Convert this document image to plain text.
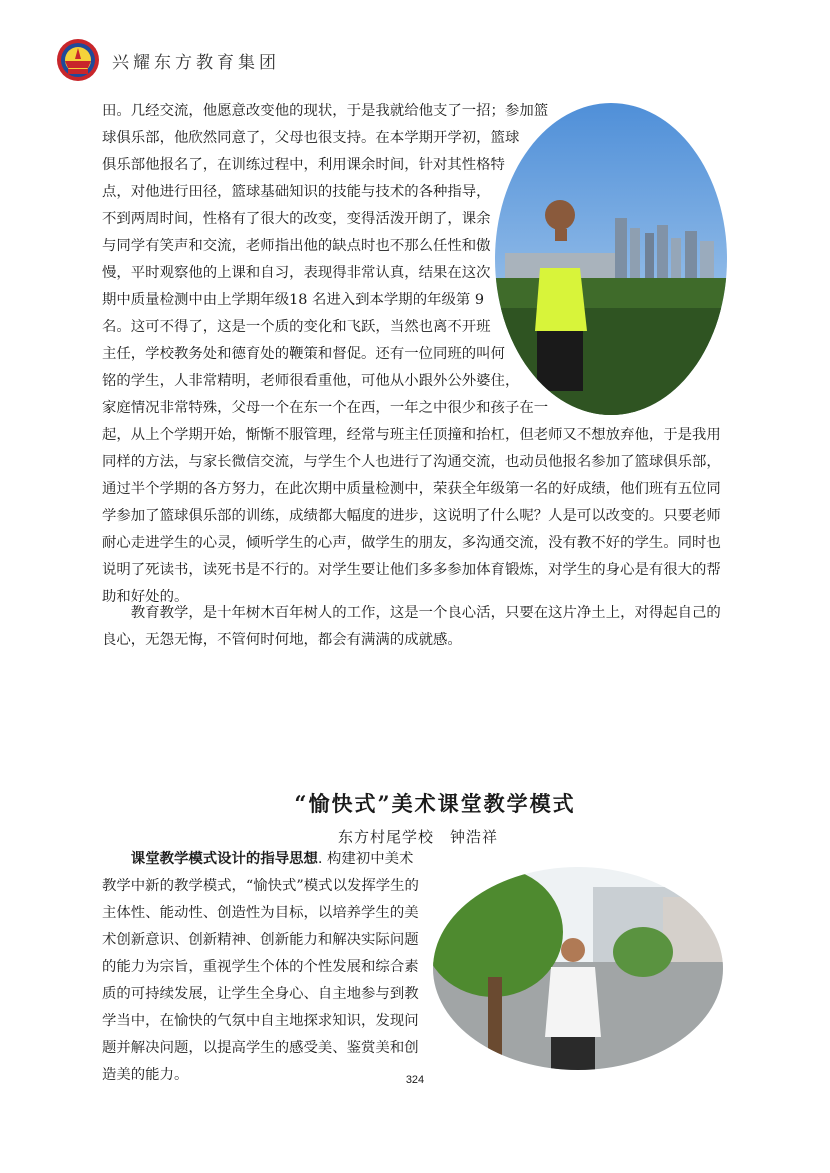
兴耀东方教育集团
田。几经交流，他愿意改变他的现状，于是我就给他支了一招；参加篮球俱乐部，他欣然同意了，父母也很支持。在本学期开学初，篮球俱乐部他报名了，在训练过程中，利用课余时间，针对其性格特点，对他进行田径，篮球基础知识的技能与技术的各种指导，不到两周时间，性格有了很大的改变，变得活泼开朗了，课余与同学有笑声和交流，老师指出他的缺点时也不那么任性和傲慢，平时观察他的上课和自习，表现得非常认真，结果在这次期中质量检测中由上学期年级18 名进入到本学期的年级第 9 名。这可不得了，这是一个质的变化和飞跃，当然也离不开班主任，学校教务处和德育处的鞭策和督促。还有一位同班的叫何铭的学生，人非常精明，老师很看重他，可他从小跟外公外婆住，家庭情况非常特殊，父母一个在东一个在西，一年之中很少和孩子在一起，从上个学期开始，惭惭不服管理，经常与班主任顶撞和抬杠，但老师又不想放弃他，于是我用同样的方法，与家长微信交流，与学生个人也进行了沟通交流，也动员他报名参加了篮球俱乐部，通过半个学期的各方努力，在此次期中质量检测中，荣获全年级第一名的好成绩，他们班有五位同学参加了篮球俱乐部的训练，成绩都大幅度的进步，这说明了什么呢？人是可以改变的。只要老师耐心走进学生的心灵，倾听学生的心声，做学生的朋友，多沟通交流，没有教不好的学生。同时也说明了死读书，读死书是不行的。对学生要让他们多多参加体育锻炼，对学生的身心是有很大的帮助和好处的。
教育教学，是十年树木百年树人的工作，这是一个良心活，只要在这片净土上，对得起自己的良心，无怨无悔，不管何时何地，都会有满满的成就感。
“愉快式”美术课堂教学模式
东方村尾学校　钟浩祥
课堂教学模式设计的指导思想. 构建初中美术教学中新的教学模式，“愉快式”模式以发挥学生的主体性、能动性、创造性为目标，以培养学生的美术创新意识、创新精神、创新能力和解决实际问题的能力为宗旨，重视学生个体的个性发展和综合素质的可持续发展，让学生全身心、自主地参与到教学当中，在愉快的气氛中自主地探求知识，发现问题并解决问题，以提高学生的感受美、鉴赏美和创造美的能力。	324
